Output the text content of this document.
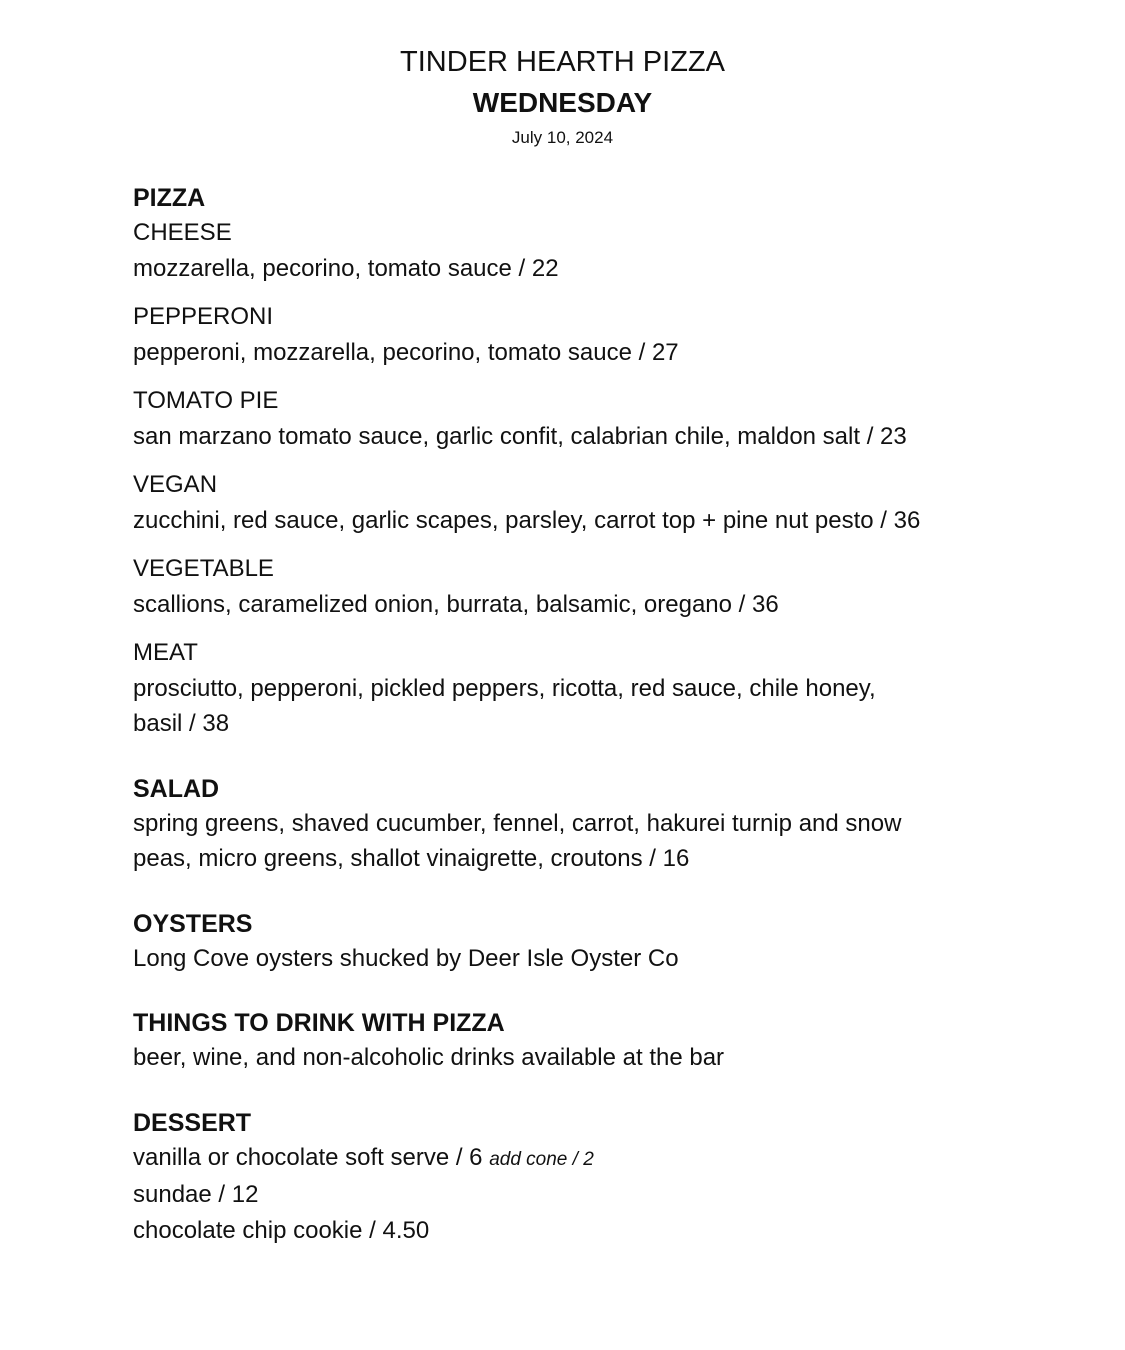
TINDER HEARTH PIZZA
WEDNESDAY
July 10, 2024

PIZZA

CHEESE

mozzarella, pecorino, tomato sauce / 22

PEPPERONI

pepperoni, mozzarella, pecorino, tomato sauce / 27

TOMATO PIE

san marzano tomato sauce, garlic confit, calabrian chile, maldon salt / 23

VEGAN

zucchini, red sauce, garlic scapes, parsley, carrot top + pine nut pesto / 36

VEGETABLE

scallions, caramelized onion, burrata, balsamic, oregano / 36

MEAT

prosciutto, pepperoni, pickled peppers, ricotta, red sauce, chile honey,

basil / 38

SALAD

spring greens, shaved cucumber, fennel, carrot, hakurei turnip and snow

peas, micro greens, shallot vinaigrette, croutons / 16

OYSTERS

Long Cove oysters shucked by Deer Isle Oyster Co

THINGS TO DRINK WITH PIZZA

beer, wine, and non-alcoholic drinks available at the bar

DESSERT

vanilla or chocolate soft serve / 6 add cone / 2

sundae / 12

chocolate chip cookie / 4.50
